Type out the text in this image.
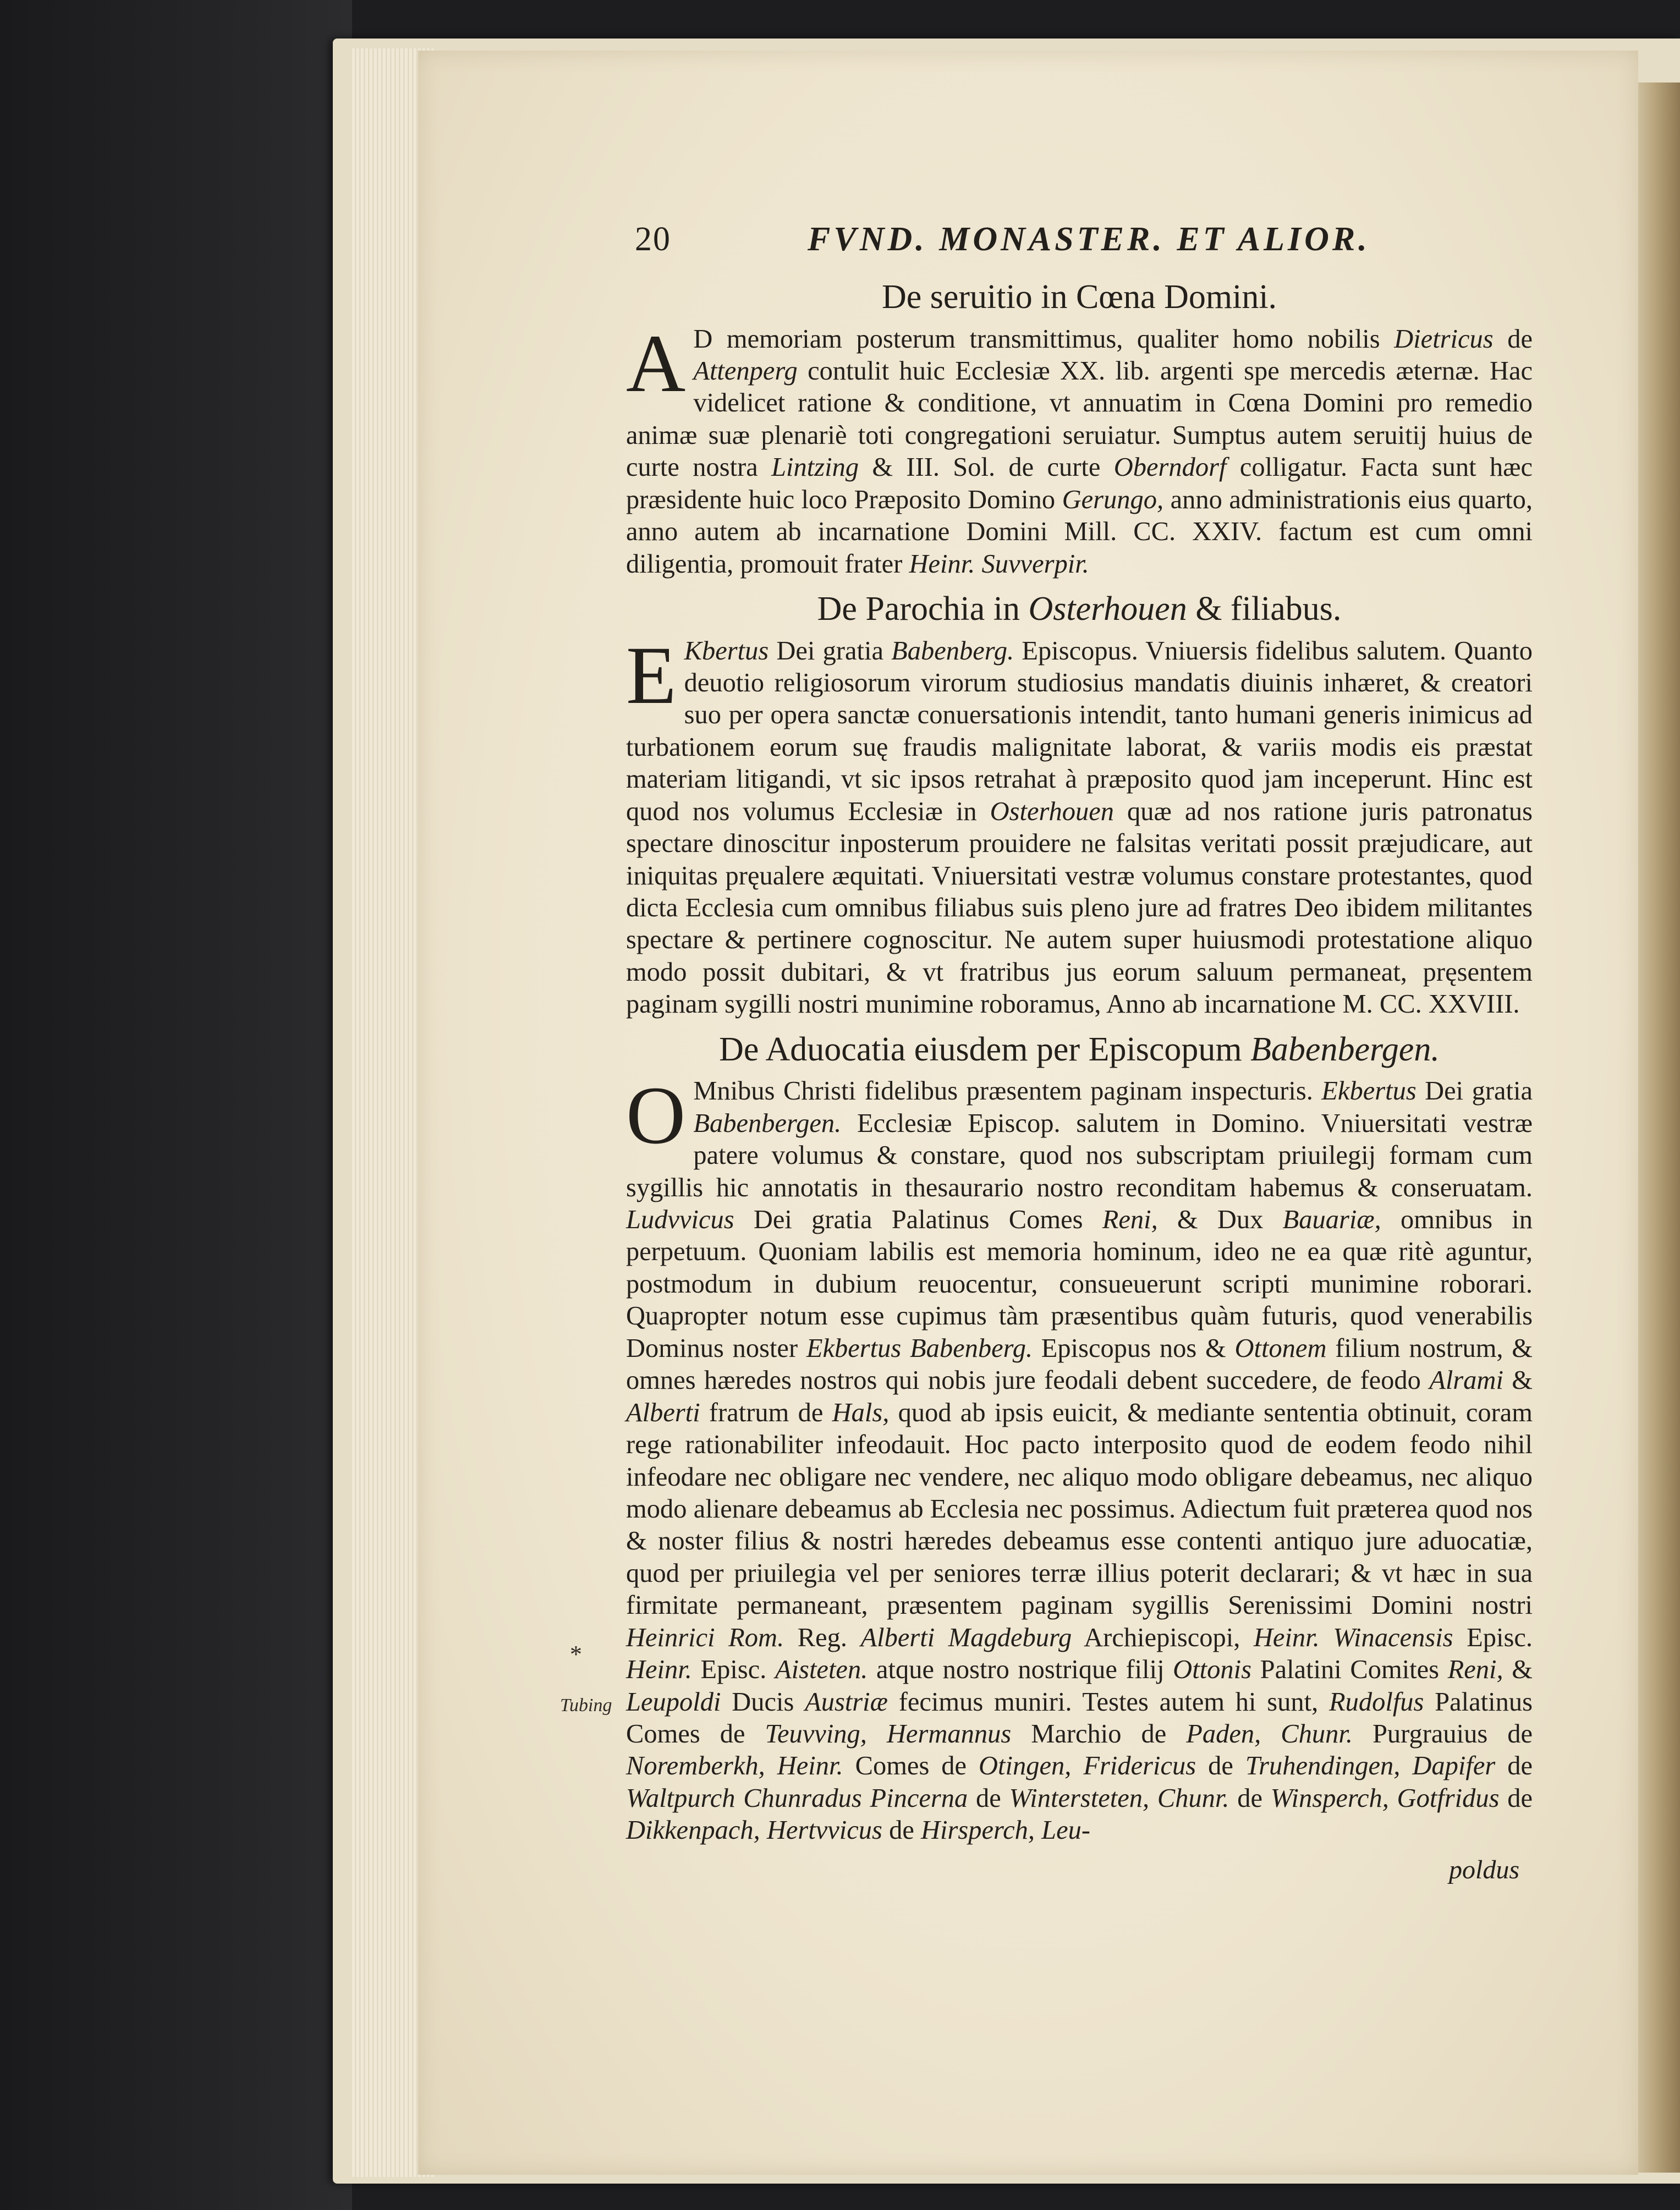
20	FVND. MONASTER. ET ALIOR.
De seruitio in Cœna Domini.

A D memoriam posterum transmittimus, qualiter homo nobilis Dietricus de Attenperg contulit huic Ecclesiæ XX. lib. argenti spe mercedis æternæ. Hac videlicet ratione & conditione, vt annuatim in Cœna Domini pro remedio animæ suæ plenariè toti congregationi seruiatur. Sumptus autem seruitij huius de curte nostra Lintzing & III. Sol. de curte Oberndorf colligatur. Facta sunt hæc præsidente huic loco Præposito Domino Gerungo, anno administrationis eius quarto, anno autem ab incarnatione Domini Mill. CC. XXIV. factum est cum omni diligentia, promouit frater Heinr. Suvverpir.

De Parochia in Osterhouen & filiabus.

E Kbertus Dei gratia Babenberg. Episcopus. Vniuersis fidelibus salutem. Quanto deuotio religiosorum virorum studiosius mandatis diuinis inhæret, & creatori suo per opera sanctæ conuersationis intendit, tanto humani generis inimicus ad turbationem eorum suę fraudis malignitate laborat, & variis modis eis præstat materiam litigandi, vt sic ipsos retrahat à præposito quod jam inceperunt. Hinc est quod nos volumus Ecclesiæ in Osterhouen quæ ad nos ratione juris patronatus spectare dinoscitur inposterum prouidere ne falsitas veritati possit præjudicare, aut iniquitas pręualere æquitati. Vniuersitati vestræ volumus constare protestantes, quod dicta Ecclesia cum omnibus filiabus suis pleno jure ad fratres Deo ibidem militantes spectare & pertinere cognoscitur. Ne autem super huiusmodi protestatione aliquo modo possit dubitari, & vt fratribus jus eorum saluum permaneat, pręsentem paginam sygilli nostri munimine roboramus, Anno ab incarnatione M. CC. XXVIII.

De Aduocatia eiusdem per Episcopum Babenbergen.

O Mnibus Christi fidelibus præsentem paginam inspecturis. Ekbertus Dei gratia Babenbergen. Ecclesiæ Episcop. salutem in Domino. Vniuersitati vestræ patere volumus & constare, quod nos subscriptam priuilegij formam cum sygillis hic annotatis in thesaurario nostro reconditam habemus & conseruatam. Ludvvicus Dei gratia Palatinus Comes Reni, & Dux Bauariæ, omnibus in perpetuum. Quoniam labilis est memoria hominum, ideo ne ea quæ ritè aguntur, postmodum in dubium reuocentur, consueuerunt scripti munimine roborari. Quapropter notum esse cupimus tàm præsentibus quàm futuris, quod venerabilis Dominus noster Ekbertus Babenberg. Episcopus nos & Ottonem filium nostrum, & omnes hæredes nostros qui nobis jure feodali debent succedere, de feodo Alrami & Alberti fratrum de Hals, quod ab ipsis euicit, & mediante sententia obtinuit, coram rege rationabiliter infeodauit. Hoc pacto interposito quod de eodem feodo nihil infeodare nec obligare nec vendere, nec aliquo modo obligare debeamus, nec aliquo modo alienare debeamus ab Ecclesia nec possimus. Adiectum fuit præterea quod nos & noster filius & nostri hæredes debeamus esse contenti antiquo jure aduocatiæ, quod per priuilegia vel per seniores terræ illius poterit declarari; & vt hæc in sua firmitate permaneant, præsentem paginam sygillis Serenissimi Domini nostri Heinrici Rom. Reg. Alberti Magdeburg Archiepiscopi, Heinr. Winacensis Episc. Heinr. Episc. Aisteten. atque nostro nostrique filij Ottonis Palatini Comites Reni, & Leupoldi Ducis Austriæ fecimus muniri. Testes autem hi sunt, Rudolfus Palatinus Comes de Teuvving, Hermannus Marchio de Paden, Chunr. Purgrauius de Noremberkh, Heinr. Comes de Otingen, Fridericus de Truhendingen, Dapifer de Waltpurch Chunradus Pincerna de Wintersteten, Chunr. de Winsperch, Gotfridus de Dikkenpach, Hertvvicus de Hirsperch, Leu-

poldus
*
Tubing
